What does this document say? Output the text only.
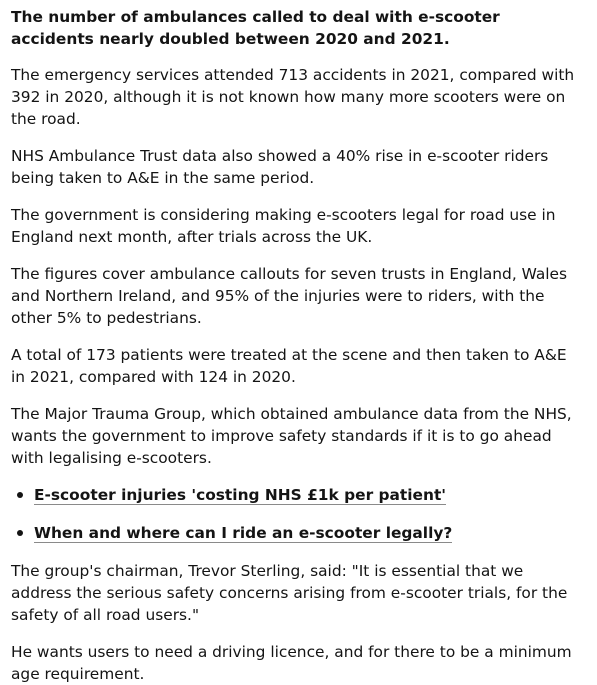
The number of ambulances called to deal with e-scooter accidents nearly doubled between 2020 and 2021.

The emergency services attended 713 accidents in 2021, compared with 392 in 2020, although it is not known how many more scooters were on the road.

NHS Ambulance Trust data also showed a 40% rise in e-scooter riders being taken to A&E in the same period.

The government is considering making e-scooters legal for road use in England next month, after trials across the UK.

The figures cover ambulance callouts for seven trusts in England, Wales and Northern Ireland, and 95% of the injuries were to riders, with the other 5% to pedestrians.

A total of 173 patients were treated at the scene and then taken to A&E in 2021, compared with 124 in 2020.

The Major Trauma Group, which obtained ambulance data from the NHS, wants the government to improve safety standards if it is to go ahead with legalising e-scooters.

E-scooter injuries 'costing NHS £1k per patient'
When and where can I ride an e-scooter legally?

The group's chairman, Trevor Sterling, said: "It is essential that we address the serious safety concerns arising from e-scooter trials, for the safety of all road users."

He wants users to need a driving licence, and for there to be a minimum age requirement.
